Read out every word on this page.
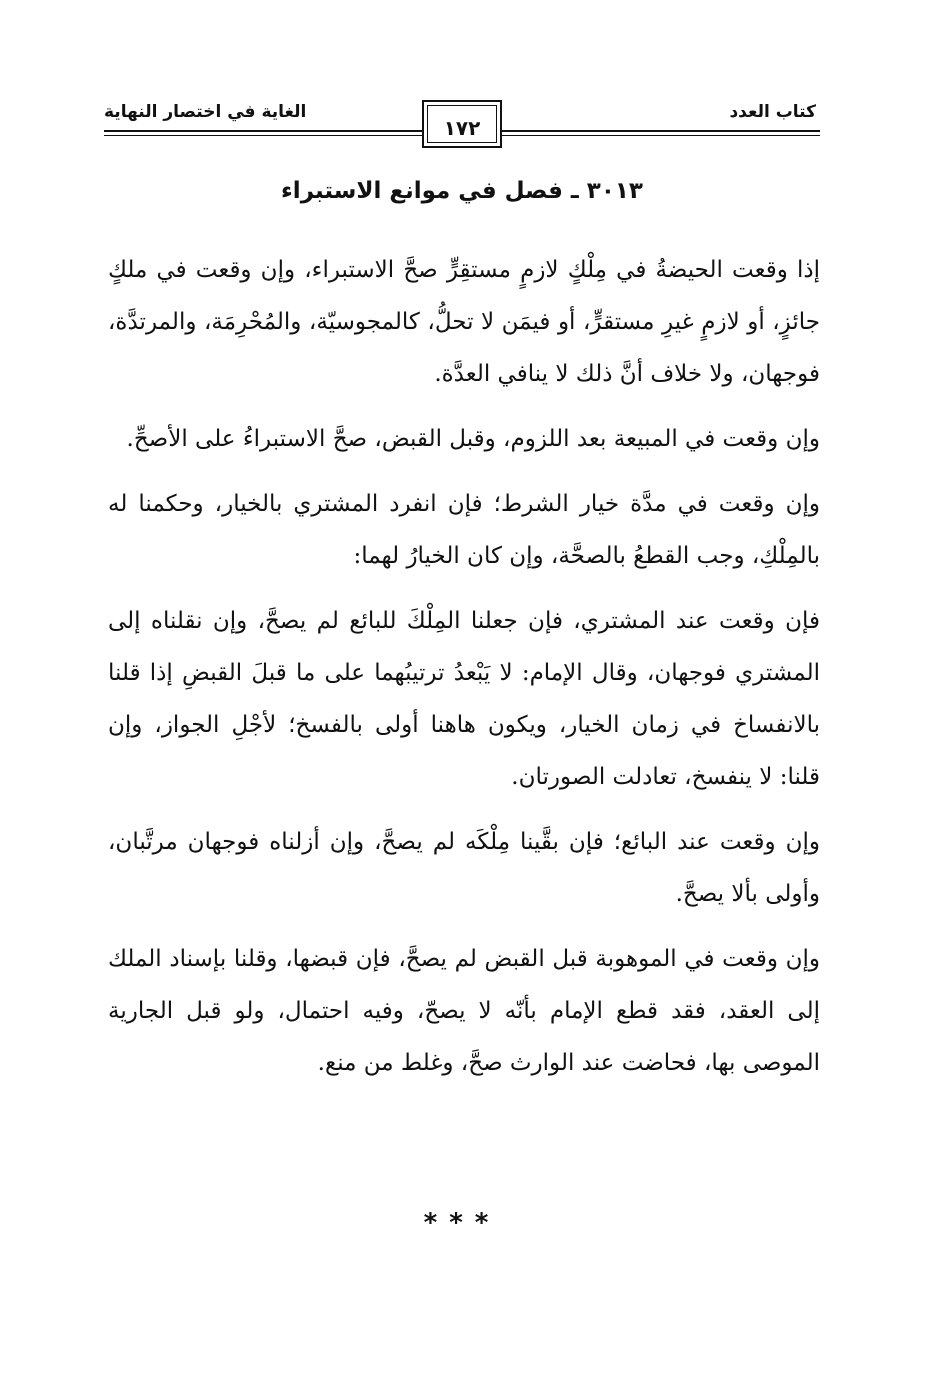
الغاية في اختصار النهاية	كتاب العدد
١٧٢
٣٠١٣ ـ فصل في موانع الاستبراء

إذا وقعت الحيضةُ في مِلْكٍ لازمٍ مستقِرٍّ صحَّ الاستبراء، وإن وقعت في ملكٍ جائزٍ، أو لازمٍ غيرِ مستقرٍّ، أو فيمَن لا تحلُّ، كالمجوسيّة، والمُحْرِمَة، والمرتدَّة، فوجهان، ولا خلاف أنَّ ذلك لا ينافي العدَّة.

وإن وقعت في المبيعة بعد اللزوم، وقبل القبض، صحَّ الاستبراءُ على الأصحِّ.

وإن وقعت في مدَّة خيار الشرط؛ فإن انفرد المشتري بالخيار، وحكمنا له بالمِلْكِ، وجب القطعُ بالصحَّة، وإن كان الخيارُ لهما:

فإن وقعت عند المشتري، فإن جعلنا المِلْكَ للبائع لم يصحَّ، وإن نقلناه إلى المشتري فوجهان، وقال الإمام: لا يَبْعدُ ترتيبُهما على ما قبلَ القبضِ إذا قلنا بالانفساخ في زمان الخيار، ويكون هاهنا أولى بالفسخ؛ لأجْلِ الجواز، وإن قلنا: لا ينفسخ، تعادلت الصورتان.

وإن وقعت عند البائع؛ فإن بقَّينا مِلْكَه لم يصحَّ، وإن أزلناه فوجهان مرتَّبان، وأولى بألا يصحَّ.

وإن وقعت في الموهوبة قبل القبض لم يصحَّ، فإن قبضها، وقلنا بإسناد الملك إلى العقد، فقد قطع الإمام بأنّه لا يصحّ، وفيه احتمال، ولو قبل الجارية الموصى بها، فحاضت عند الوارث صحَّ، وغلط من منع.

***
